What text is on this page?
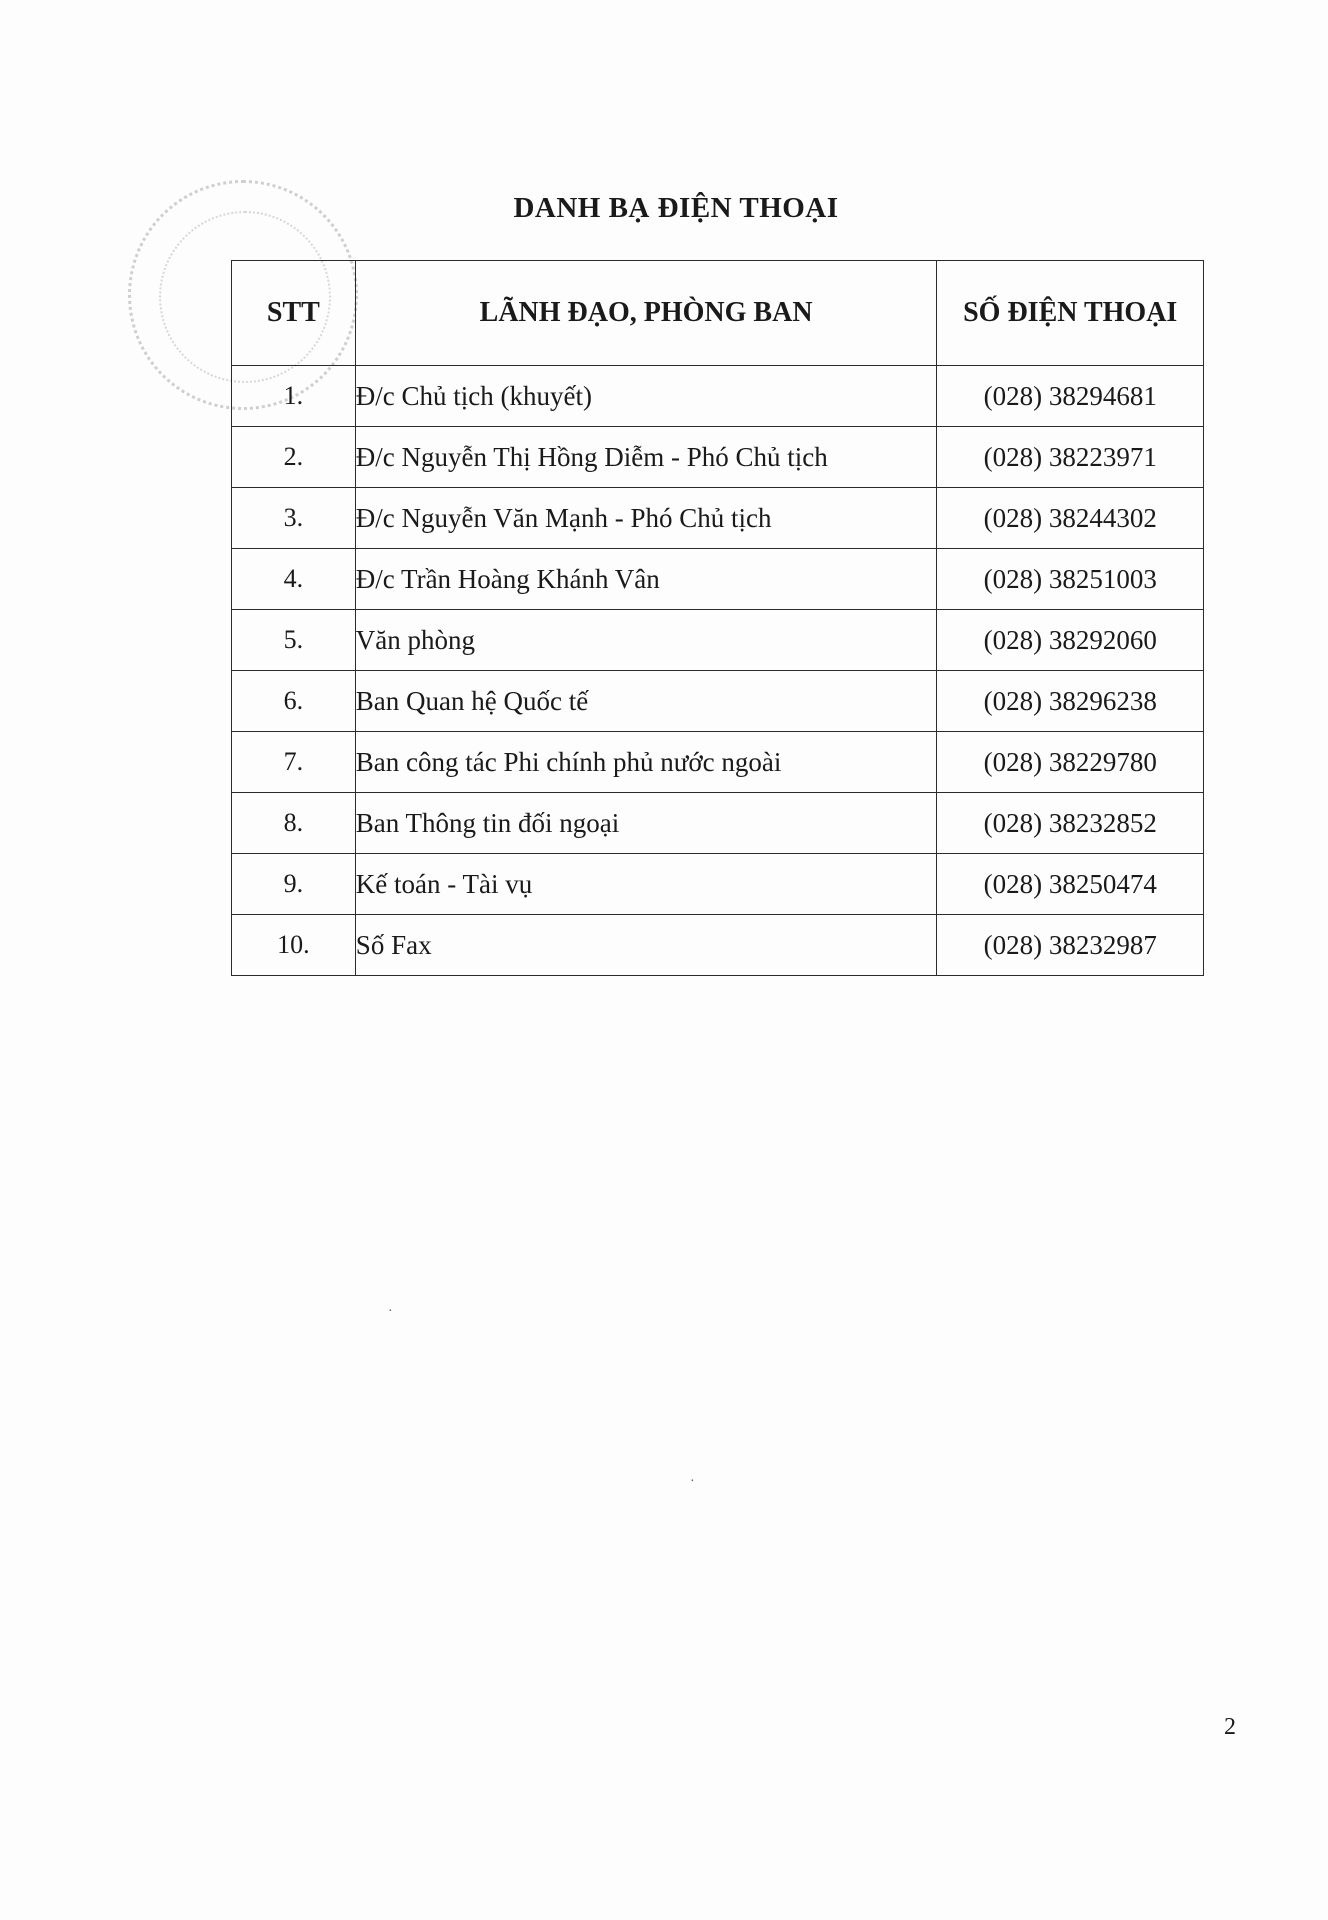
DANH BẠ ĐIỆN THOẠI
STT	LÃNH ĐẠO, PHÒNG BAN	SỐ ĐIỆN THOẠI
1.	Đ/c Chủ tịch (khuyết)	(028) 38294681
2.	Đ/c Nguyễn Thị Hồng Diễm - Phó Chủ tịch	(028) 38223971
3.	Đ/c Nguyễn Văn Mạnh - Phó Chủ tịch	(028) 38244302
4.	Đ/c Trần Hoàng Khánh Vân	(028) 38251003
5.	Văn phòng	(028) 38292060
6.	Ban Quan hệ Quốc tế	(028) 38296238
7.	Ban công tác Phi chính phủ nước ngoài	(028) 38229780
8.	Ban Thông tin đối ngoại	(028) 38232852
9.	Kế toán - Tài vụ	(028) 38250474
10.	Số Fax	(028) 38232987
·
·
2
